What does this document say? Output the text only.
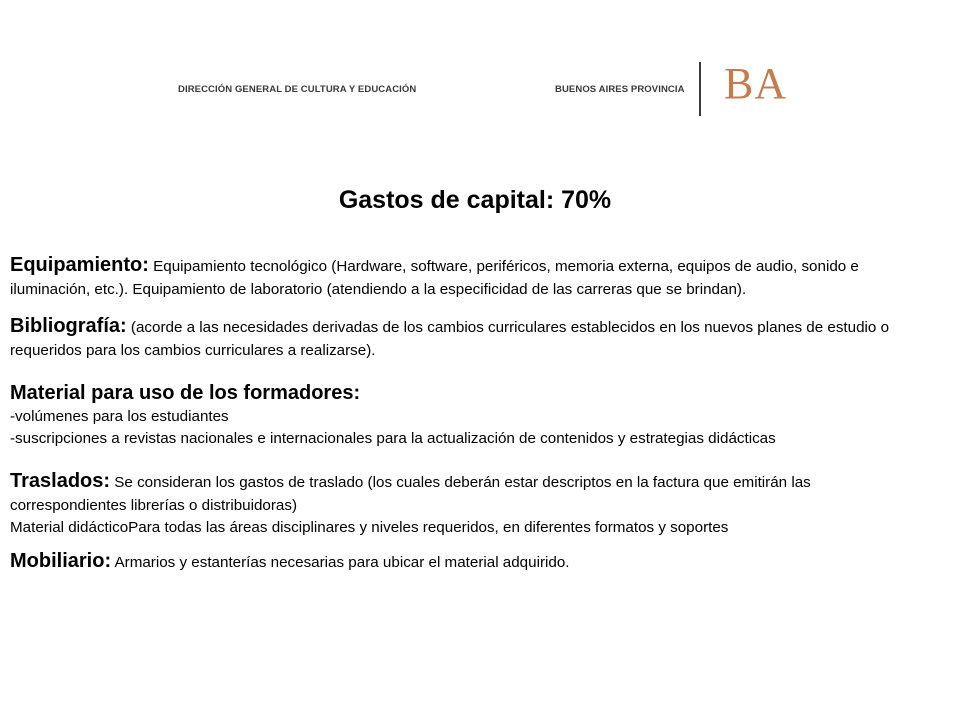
DIRECCIÓN GENERAL DE CULTURA Y EDUCACIÓN	BUENOS AIRES PROVINCIA BA
Gastos de capital: 70%

Equipamiento: Equipamiento tecnológico (Hardware, software, periféricos, memoria externa, equipos de audio, sonido e iluminación, etc.). Equipamiento de laboratorio (atendiendo a la especificidad de las carreras que se brindan).

Bibliografía: (acorde a las necesidades derivadas de los cambios curriculares establecidos en los nuevos planes de estudio o requeridos para los cambios curriculares a realizarse).

Material para uso de los formadores:

-volúmenes para los estudiantes

-suscripciones a revistas nacionales e internacionales para la actualización de contenidos y estrategias didácticas

Traslados: Se consideran los gastos de traslado (los cuales deberán estar descriptos en la factura que emitirán las correspondientes librerías o distribuidoras)

Material didácticoPara todas las áreas disciplinares y niveles requeridos, en diferentes formatos y soportes

Mobiliario: Armarios y estanterías necesarias para ubicar el material adquirido.
